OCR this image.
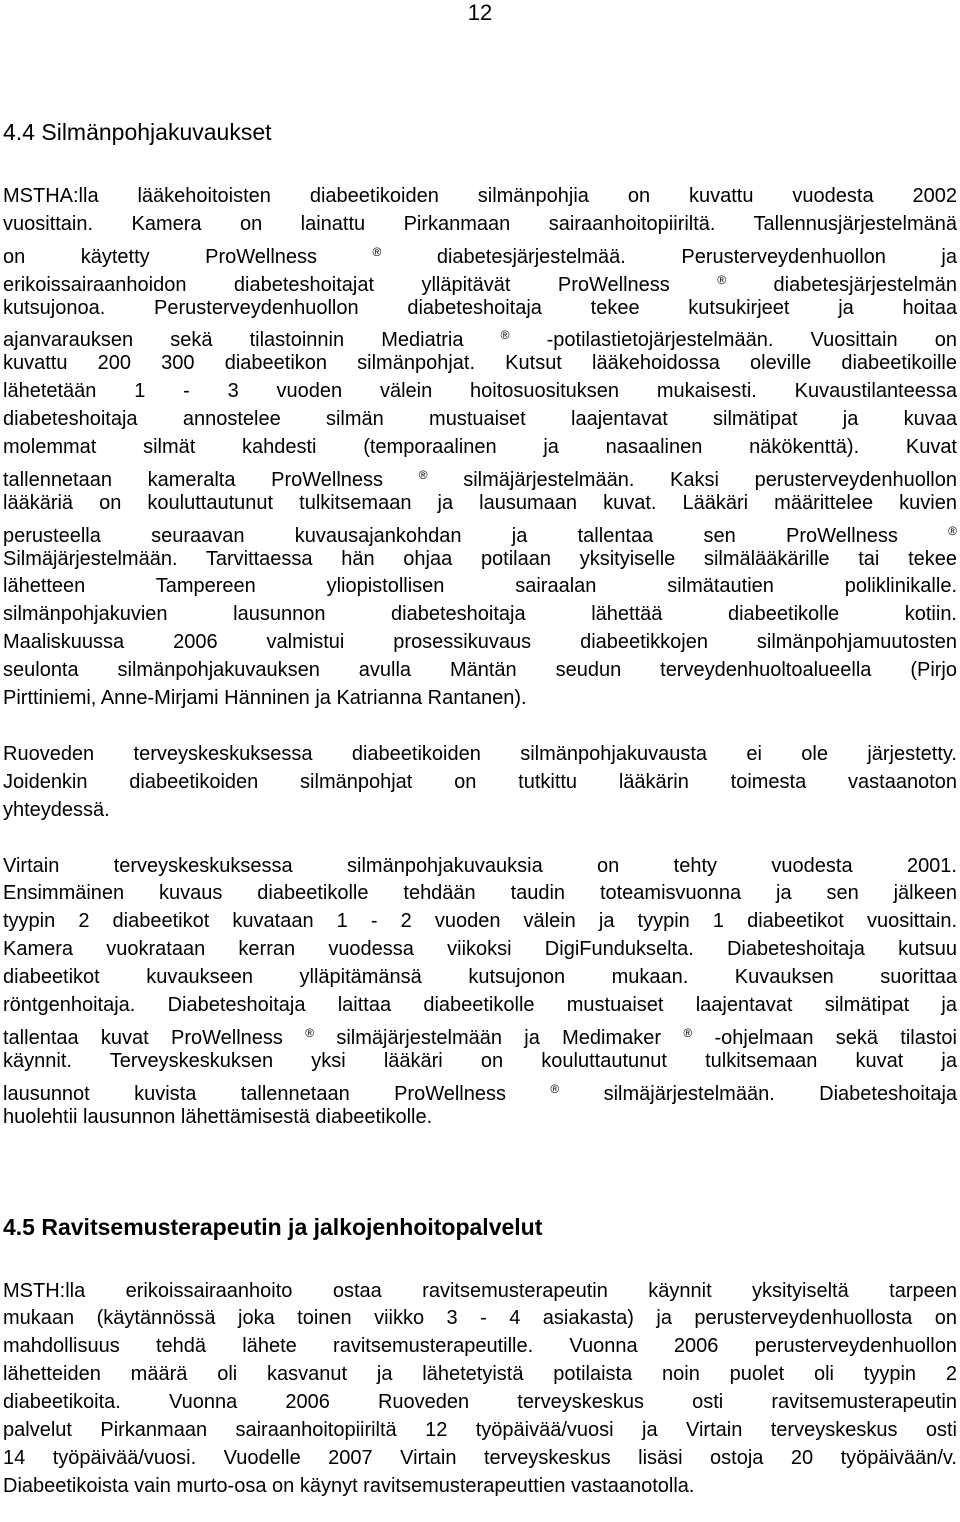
12
4.4 Silmänpohjakuvaukset
MSTHA:lla lääkehoitoisten diabeetikoiden silmänpohjia on kuvattu vuodesta 2002
vuosittain. Kamera on lainattu Pirkanmaan sairaanhoitopiiriltä. Tallennusjärjestelmänä
on käytetty ProWellness ® diabetesjärjestelmää. Perusterveydenhuollon ja
erikoissairaanhoidon diabeteshoitajat ylläpitävät ProWellness ® diabetesjärjestelmän
kutsujonoa. Perusterveydenhuollon diabeteshoitaja tekee kutsukirjeet ja hoitaa
ajanvarauksen sekä tilastoinnin Mediatria ® -potilastietojärjestelmään. Vuosittain on
kuvattu 200 300 diabeetikon silmänpohjat. Kutsut lääkehoidossa oleville diabeetikoille
lähetetään 1 - 3 vuoden välein hoitosuosituksen mukaisesti. Kuvaustilanteessa
diabeteshoitaja annostelee silmän mustuaiset laajentavat silmätipat ja kuvaa
molemmat silmät kahdesti (temporaalinen ja nasaalinen näkökenttä). Kuvat
tallennetaan kameralta ProWellness ® silmäjärjestelmään. Kaksi perusterveydenhuollon
lääkäriä on kouluttautunut tulkitsemaan ja lausumaan kuvat. Lääkäri määrittelee kuvien
perusteella seuraavan kuvausajankohdan ja tallentaa sen ProWellness ®
Silmäjärjestelmään. Tarvittaessa hän ohjaa potilaan yksityiselle silmälääkärille tai tekee
lähetteen Tampereen yliopistollisen sairaalan silmätautien poliklinikalle.
silmänpohjakuvien lausunnon diabeteshoitaja lähettää diabeetikolle kotiin.
Maaliskuussa 2006 valmistui prosessikuvaus diabeetikkojen silmänpohjamuutosten
seulonta silmänpohjakuvauksen avulla Mäntän seudun terveydenhuoltoalueella (Pirjo
Pirttiniemi, Anne-Mirjami Hänninen ja Katrianna Rantanen).
Ruoveden terveyskeskuksessa diabeetikoiden silmänpohjakuvausta ei ole järjestetty.
Joidenkin diabeetikoiden silmänpohjat on tutkittu lääkärin toimesta vastaanoton
yhteydessä.
Virtain terveyskeskuksessa silmänpohjakuvauksia on tehty vuodesta 2001.
Ensimmäinen kuvaus diabeetikolle tehdään taudin toteamisvuonna ja sen jälkeen
tyypin 2 diabeetikot kuvataan 1 - 2 vuoden välein ja tyypin 1 diabeetikot vuosittain.
Kamera vuokrataan kerran vuodessa viikoksi DigiFundukselta. Diabeteshoitaja kutsuu
diabeetikot kuvaukseen ylläpitämänsä kutsujonon mukaan. Kuvauksen suorittaa
röntgenhoitaja. Diabeteshoitaja laittaa diabeetikolle mustuaiset laajentavat silmätipat ja
tallentaa kuvat ProWellness ® silmäjärjestelmään ja Medimaker ® -ohjelmaan sekä tilastoi
käynnit. Terveyskeskuksen yksi lääkäri on kouluttautunut tulkitsemaan kuvat ja
lausunnot kuvista tallennetaan ProWellness ® silmäjärjestelmään. Diabeteshoitaja
huolehtii lausunnon lähettämisestä diabeetikolle.
4.5 Ravitsemusterapeutin ja jalkojenhoitopalvelut
MSTH:lla erikoissairaanhoito ostaa ravitsemusterapeutin käynnit yksityiseltä tarpeen
mukaan (käytännössä joka toinen viikko 3 - 4 asiakasta) ja perusterveydenhuollosta on
mahdollisuus tehdä lähete ravitsemusterapeutille. Vuonna 2006 perusterveydenhuollon
lähetteiden määrä oli kasvanut ja lähetetyistä potilaista noin puolet oli tyypin 2
diabeetikoita. Vuonna 2006 Ruoveden terveyskeskus osti ravitsemusterapeutin
palvelut Pirkanmaan sairaanhoitopiiriltä 12 työpäivää/vuosi ja Virtain terveyskeskus osti
14 työpäivää/vuosi. Vuodelle 2007 Virtain terveyskeskus lisäsi ostoja 20 työpäivään/v.
Diabeetikoista vain murto-osa on käynyt ravitsemusterapeuttien vastaanotolla.
